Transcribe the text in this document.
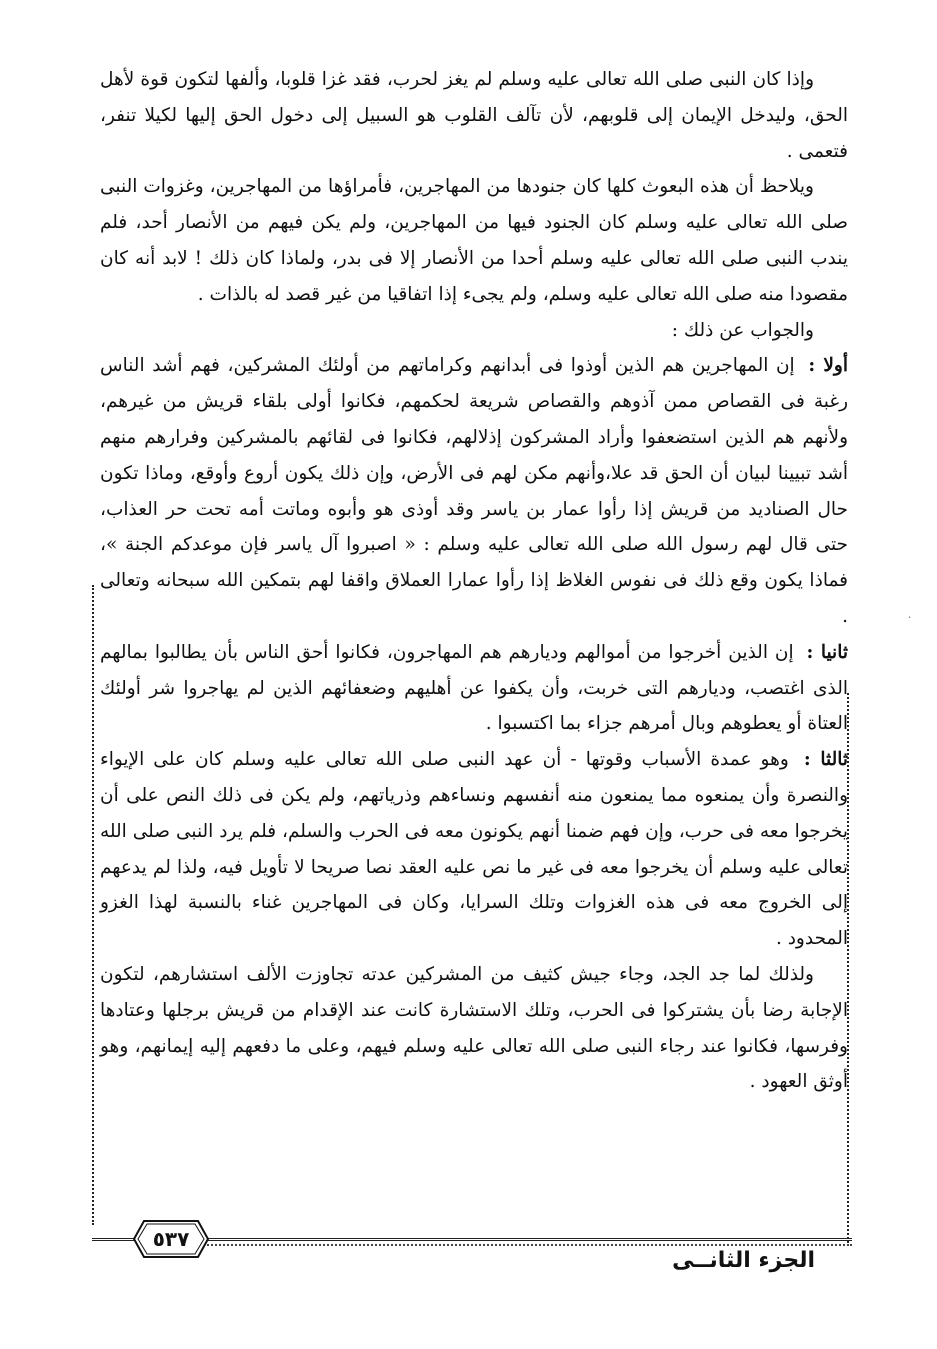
وإذا كان النبى صلى الله تعالى عليه وسلم لم يغز لحرب، فقد غزا قلوبا، وألفها لتكون قوة لأهل الحق، وليدخل الإيمان إلى قلوبهم، لأن تآلف القلوب هو السبيل إلى دخول الحق إليها لكيلا تنفر، فتعمى .

ويلاحظ أن هذه البعوث كلها كان جنودها من المهاجرين، فأمراؤها من المهاجرين، وغزوات النبى صلى الله تعالى عليه وسلم كان الجنود فيها من المهاجرين، ولم يكن فيهم من الأنصار أحد، فلم يندب النبى صلى الله تعالى عليه وسلم أحدا من الأنصار إلا فى بدر، ولماذا كان ذلك ! لابد أنه كان مقصودا منه صلى الله تعالى عليه وسلم، ولم يجىء إذا اتفاقيا من غير قصد له بالذات .

والجواب عن ذلك :

أولا : إن المهاجرين هم الذين أوذوا فى أبدانهم وكراماتهم من أولئك المشركين، فهم أشد الناس رغبة فى القصاص ممن آذوهم والقصاص شريعة لحكمهم، فكانوا أولى بلقاء قريش من غيرهم، ولأنهم هم الذين استضعفوا وأراد المشركون إذلالهم، فكانوا فى لقائهم بالمشركين وفرارهم منهم أشد تبيينا لبيان أن الحق قد علا،وأنهم مكن لهم فى الأرض، وإن ذلك يكون أروع وأوقع، وماذا تكون حال الصناديد من قريش إذا رأوا عمار بن ياسر وقد أوذى هو وأبوه وماتت أمه تحت حر العذاب، حتى قال لهم رسول الله صلى الله تعالى عليه وسلم : « اصبروا آل ياسر فإن موعدكم الجنة »، فماذا يكون وقع ذلك فى نفوس الغلاظ إذا رأوا عمارا العملاق واقفا لهم بتمكين الله سبحانه وتعالى .

ثانيا : إن الذين أخرجوا من أموالهم وديارهم هم المهاجرون، فكانوا أحق الناس بأن يطالبوا بمالهم الذى اغتصب، وديارهم التى خربت، وأن يكفوا عن أهليهم وضعفائهم الذين لم يهاجروا شر أولئك العتاة أو يعطوهم وبال أمرهم جزاء بما اكتسبوا .

ثالثا : وهو عمدة الأسباب وقوتها - أن عهد النبى صلى الله تعالى عليه وسلم كان على الإيواء والنصرة وأن يمنعوه مما يمنعون منه أنفسهم ونساءهم وذرياتهم، ولم يكن فى ذلك النص على أن يخرجوا معه فى حرب، وإن فهم ضمنا أنهم يكونون معه فى الحرب والسلم، فلم يرد النبى صلى الله تعالى عليه وسلم أن يخرجوا معه فى غير ما نص عليه العقد نصا صريحا لا تأويل فيه، ولذا لم يدعهم إلى الخروج معه فى هذه الغزوات وتلك السرايا، وكان فى المهاجرين غناء بالنسبة لهذا الغزو المحدود .

ولذلك لما جد الجد، وجاء جيش كثيف من المشركين عدته تجاوزت الألف استشارهم، لتكون الإجابة رضا بأن يشتركوا فى الحرب، وتلك الاستشارة كانت عند الإقدام من قريش برجلها وعتادها وفرسها، فكانوا عند رجاء النبى صلى الله تعالى عليه وسلم فيهم، وعلى ما دفعهم إليه إيمانهم، وهو أوثق العهود .

٠
٥٣٧
الجزء الثانــى
